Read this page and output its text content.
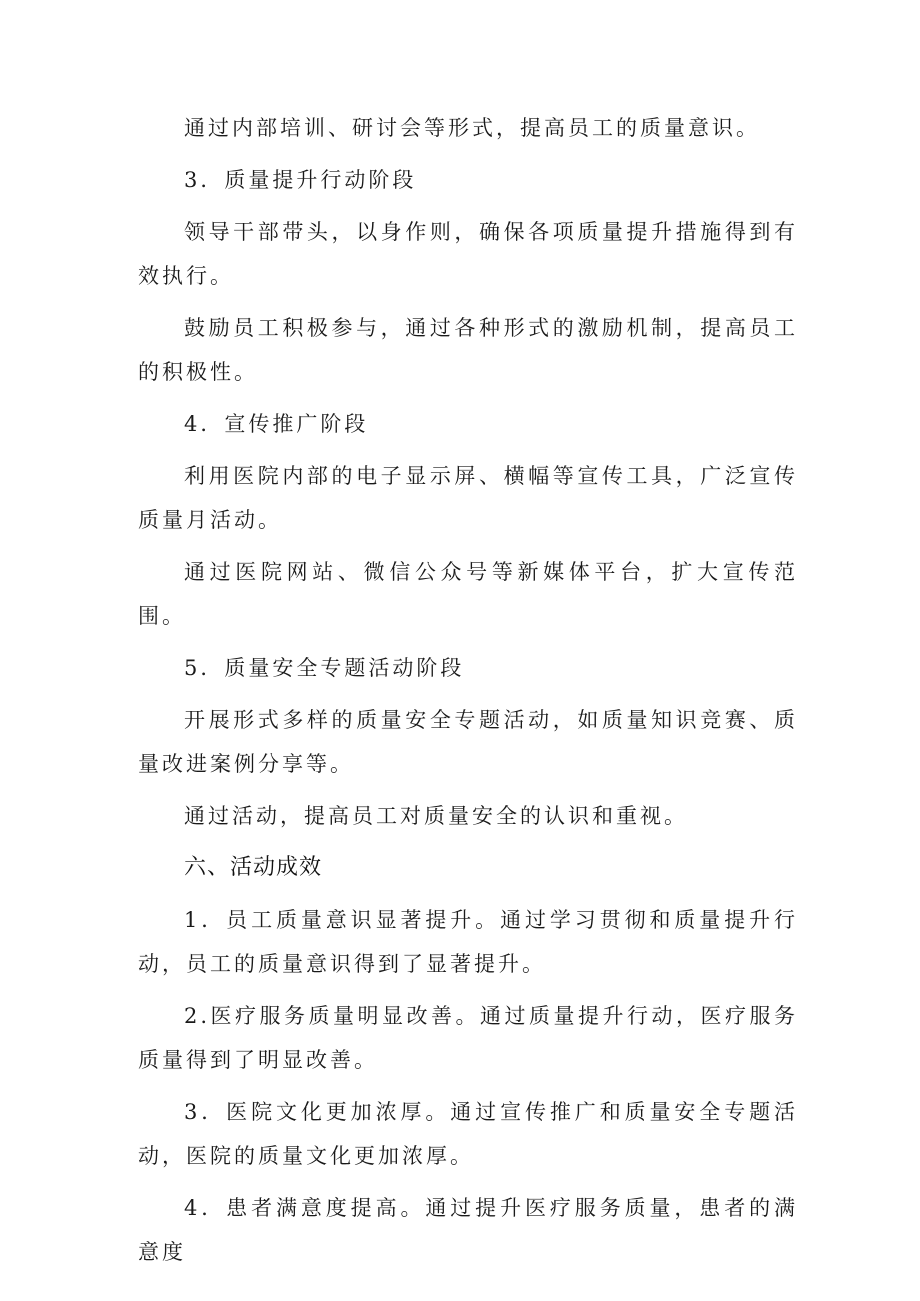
通过内部培训、研讨会等形式，提高员工的质量意识。

3．质量提升行动阶段

领导干部带头，以身作则，确保各项质量提升措施得到有效执行。

鼓励员工积极参与，通过各种形式的激励机制，提高员工的积极性。

4．宣传推广阶段

利用医院内部的电子显示屏、横幅等宣传工具，广泛宣传质量月活动。

通过医院网站、微信公众号等新媒体平台，扩大宣传范围。

5．质量安全专题活动阶段

开展形式多样的质量安全专题活动，如质量知识竞赛、质量改进案例分享等。

通过活动，提高员工对质量安全的认识和重视。

六、活动成效

1．员工质量意识显著提升。通过学习贯彻和质量提升行动，员工的质量意识得到了显著提升。

2.医疗服务质量明显改善。通过质量提升行动，医疗服务质量得到了明显改善。

3．医院文化更加浓厚。通过宣传推广和质量安全专题活动，医院的质量文化更加浓厚。

4．患者满意度提高。通过提升医疗服务质量，患者的满意度
